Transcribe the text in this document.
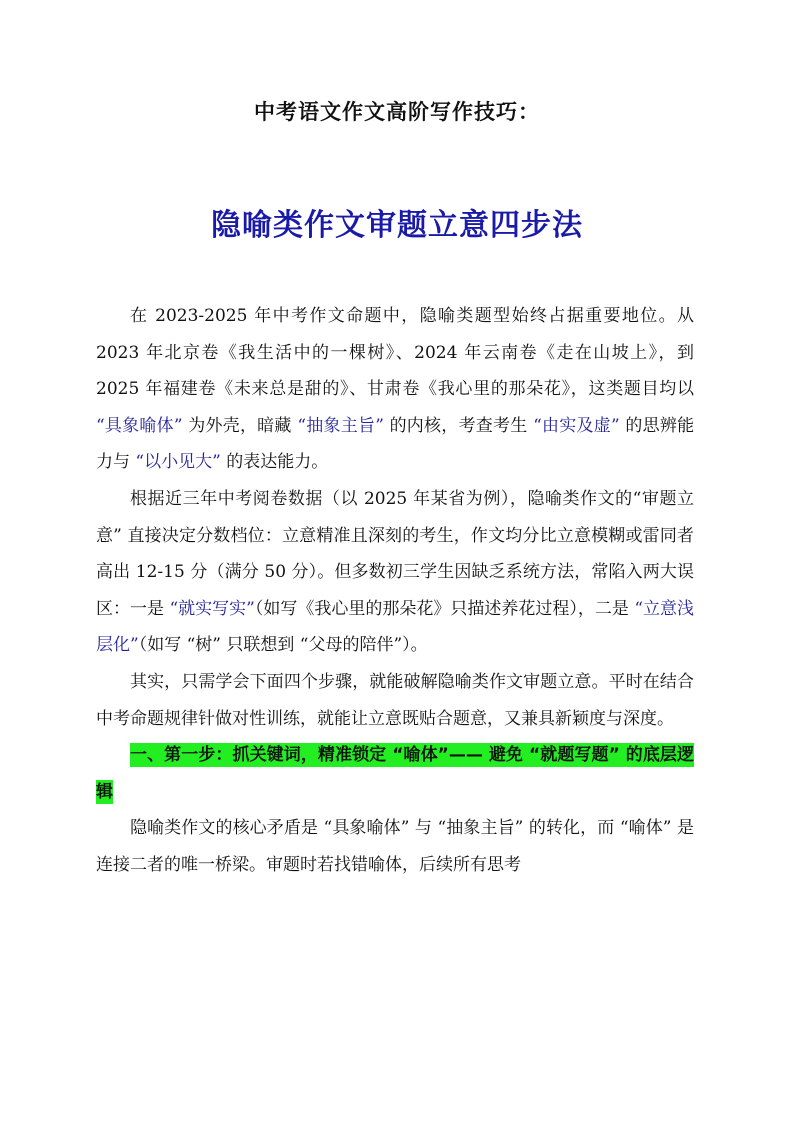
中考语文作文高阶写作技巧：
隐喻类作文审题立意四步法

在 2023-2025 年中考作文命题中，隐喻类题型始终占据重要地位。从 2023 年北京卷《我生活中的一棵树》、2024 年云南卷《走在山坡上》，到 2025 年福建卷《未来总是甜的》、甘肃卷《我心里的那朵花》，这类题目均以 “具象喻体” 为外壳，暗藏 “抽象主旨” 的内核，考查考生 “由实及虚” 的思辨能力与 “以小见大” 的表达能力。

根据近三年中考阅卷数据（以 2025 年某省为例），隐喻类作文的“审题立意” 直接决定分数档位：立意精准且深刻的考生，作文均分比立意模糊或雷同者高出 12-15 分（满分 50 分）。但多数初三学生因缺乏系统方法，常陷入两大误区：一是 “就实写实”（如写《我心里的那朵花》只描述养花过程），二是 “立意浅层化”（如写 “树” 只联想到 “父母的陪伴”）。

其实，只需学会下面四个步骤，就能破解隐喻类作文审题立意。平时在结合中考命题规律针做对性训练，就能让立意既贴合题意，又兼具新颖度与深度。

一、第一步：抓关键词，精准锁定 “喻体”—— 避免 “就题写题” 的底层逻辑

隐喻类作文的核心矛盾是 “具象喻体” 与 “抽象主旨” 的转化，而 “喻体” 是连接二者的唯一桥梁。审题时若找错喻体，后续所有思考
